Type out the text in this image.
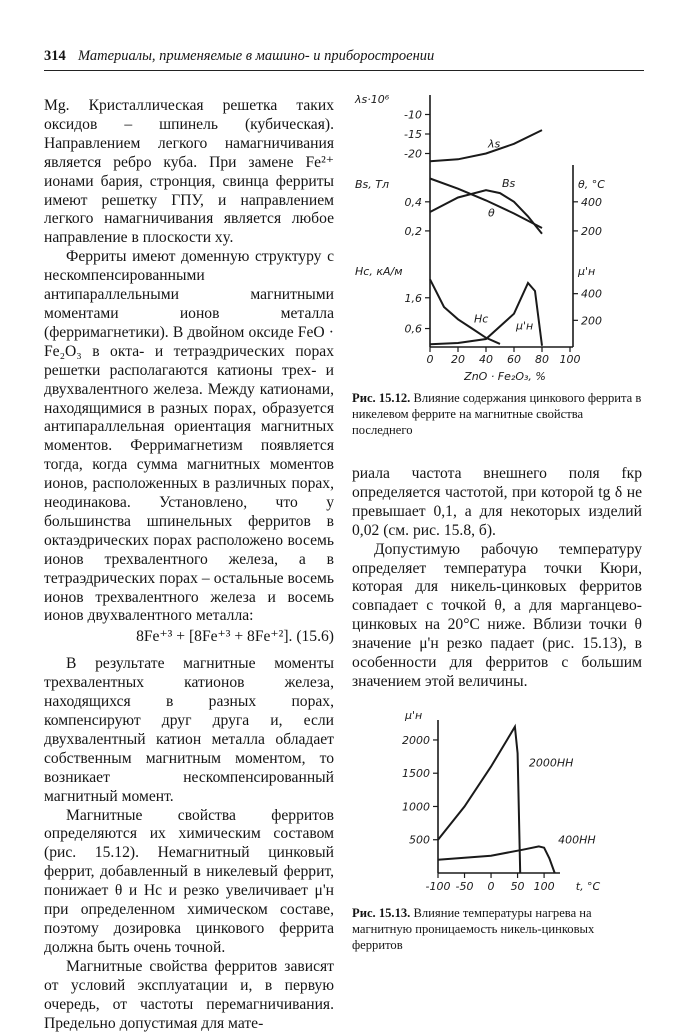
314 Материалы, применяемые в машино- и приборостроении

Mg. Кристаллическая решетка таких оксидов – шпинель (кубическая). Направлением легкого намагничивания является ребро куба. При замене Fe²⁺ ионами бария, стронция, свинца ферриты имеют решетку ГПУ, и направлением легкого намагничивания является любое направление в плоскости xy.

Ферриты имеют доменную структуру с нескомпенсированными антипараллельными магнитными моментами ионов металла (ферримагнетики). В двойном оксиде FeO · Fe₂O₃ в окта- и тетраэдрических порах решетки располагаются катионы трех- и двухвалентного железа. Между катионами, находящимися в разных порах, образуется антипараллельная ориентация магнитных моментов. Ферримагнетизм появляется тогда, когда сумма магнитных моментов ионов, расположенных в различных порах, неодинакова. Установлено, что у большинства шпинельных ферритов в октаэдрических порах расположено восемь ионов трехвалентного железа, а в тетраэдрических порах – остальные восемь ионов трехвалентного железа и восемь ионов двухвалентного металла:

8Fe⁺³ + [8Fe⁺³ + 8Fe⁺²]. (15.6)

В результате магнитные моменты трехвалентных катионов железа, находящихся в разных порах, компенсируют друг друга и, если двухвалентный катион металла обладает собственным магнитным моментом, то возникает нескомпенсированный магнитный момент.

Магнитные свойства ферритов определяются их химическим составом (рис. 15.12). Немагнитный цинковый феррит, добавленный в никелевый феррит, понижает θ и Hc и резко увеличивает μ'н при определенном химическом составе, поэтому дозировка цинкового феррита должна быть очень точной.

Магнитные свойства ферритов зависят от условий эксплуатации и, в первую очередь, от частоты перемагничивания. Предельно допустимая для мате-

λs·10⁶
-20
-15
-10
λs
Bs, Тл
0,4
0,2
θ, °C
400
200
Bs
θ
Hc, кА/м
1,6
0,6
μ'н
400
200
Hc
μ'н
0 20 40 60 80 100
ZnO · Fe₂O₃, %
Рис. 15.12. Влияние содержания цинкового феррита в никелевом феррите на магнитные свойства последнего

риала частота внешнего поля fкр определяется частотой, при которой tg δ не превышает 0,1, а для некоторых изделий 0,02 (см. рис. 15.8, б).

Допустимую рабочую температуру определяет температура точки Кюри, которая для никель-цинковых ферритов совпадает с точкой θ, а для марганцево-цинковых на 20°С ниже. Вблизи точки θ значение μ'н резко падает (рис. 15.13), в особенности для ферритов с большим значением этой величины.

μ'н
2000
1500
1000
500
-100 -50 0 50 100 t, °C
2000НН
400НН
Рис. 15.13. Влияние температуры нагрева на магнитную проницаемость никель-цинковых ферритов
